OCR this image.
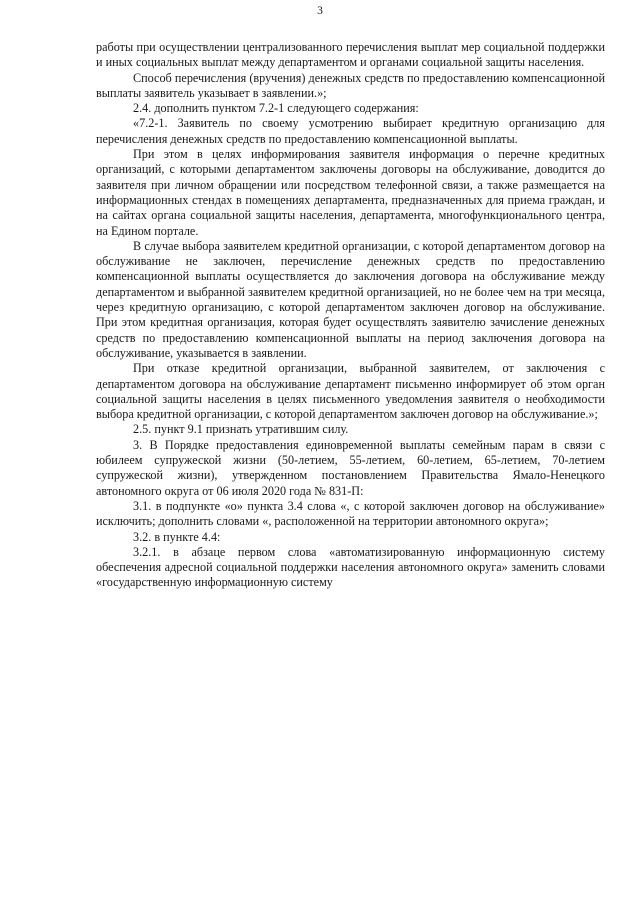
3

работы при осуществлении централизованного перечисления выплат мер социальной поддержки и иных социальных выплат между департаментом и органами социальной защиты населения.

Способ перечисления (вручения) денежных средств по предоставлению компенсационной выплаты заявитель указывает в заявлении.»;

2.4. дополнить пунктом 7.2-1 следующего содержания:

«7.2-1. Заявитель по своему усмотрению выбирает кредитную организацию для перечисления денежных средств по предоставлению компенсационной выплаты.

При этом в целях информирования заявителя информация о перечне кредитных организаций, с которыми департаментом заключены договоры на обслуживание, доводится до заявителя при личном обращении или посредством телефонной связи, а также размещается на информационных стендах в помещениях департамента, предназначенных для приема граждан, и на сайтах органа социальной защиты населения, департамента, многофункционального центра, на Едином портале.

В случае выбора заявителем кредитной организации, с которой департаментом договор на обслуживание не заключен, перечисление денежных средств по предоставлению компенсационной выплаты осуществляется до заключения договора на обслуживание между департаментом и выбранной заявителем кредитной организацией, но не более чем на три месяца, через кредитную организацию, с которой департаментом заключен договор на обслуживание. При этом кредитная организация, которая будет осуществлять заявителю зачисление денежных средств по предоставлению компенсационной выплаты на период заключения договора на обслуживание, указывается в заявлении.

При отказе кредитной организации, выбранной заявителем, от заключения с департаментом договора на обслуживание департамент письменно информирует об этом орган социальной защиты населения в целях письменного уведомления заявителя о необходимости выбора кредитной организации, с которой департаментом заключен договор на обслуживание.»;

2.5. пункт 9.1 признать утратившим силу.

3. В Порядке предоставления единовременной выплаты семейным парам в связи с юбилеем супружеской жизни (50-летием, 55-летием, 60-летием, 65-летием, 70-летием супружеской жизни), утвержденном постановлением Правительства Ямало-Ненецкого автономного округа от 06 июля 2020 года № 831-П:

3.1. в подпункте «о» пункта 3.4 слова «, с которой заключен договор на обслуживание» исключить; дополнить словами «, расположенной на территории автономного округа»;

3.2. в пункте 4.4:

3.2.1. в абзаце первом слова «автоматизированную информационную систему обеспечения адресной социальной поддержки населения автономного округа» заменить словами «государственную информационную систему
